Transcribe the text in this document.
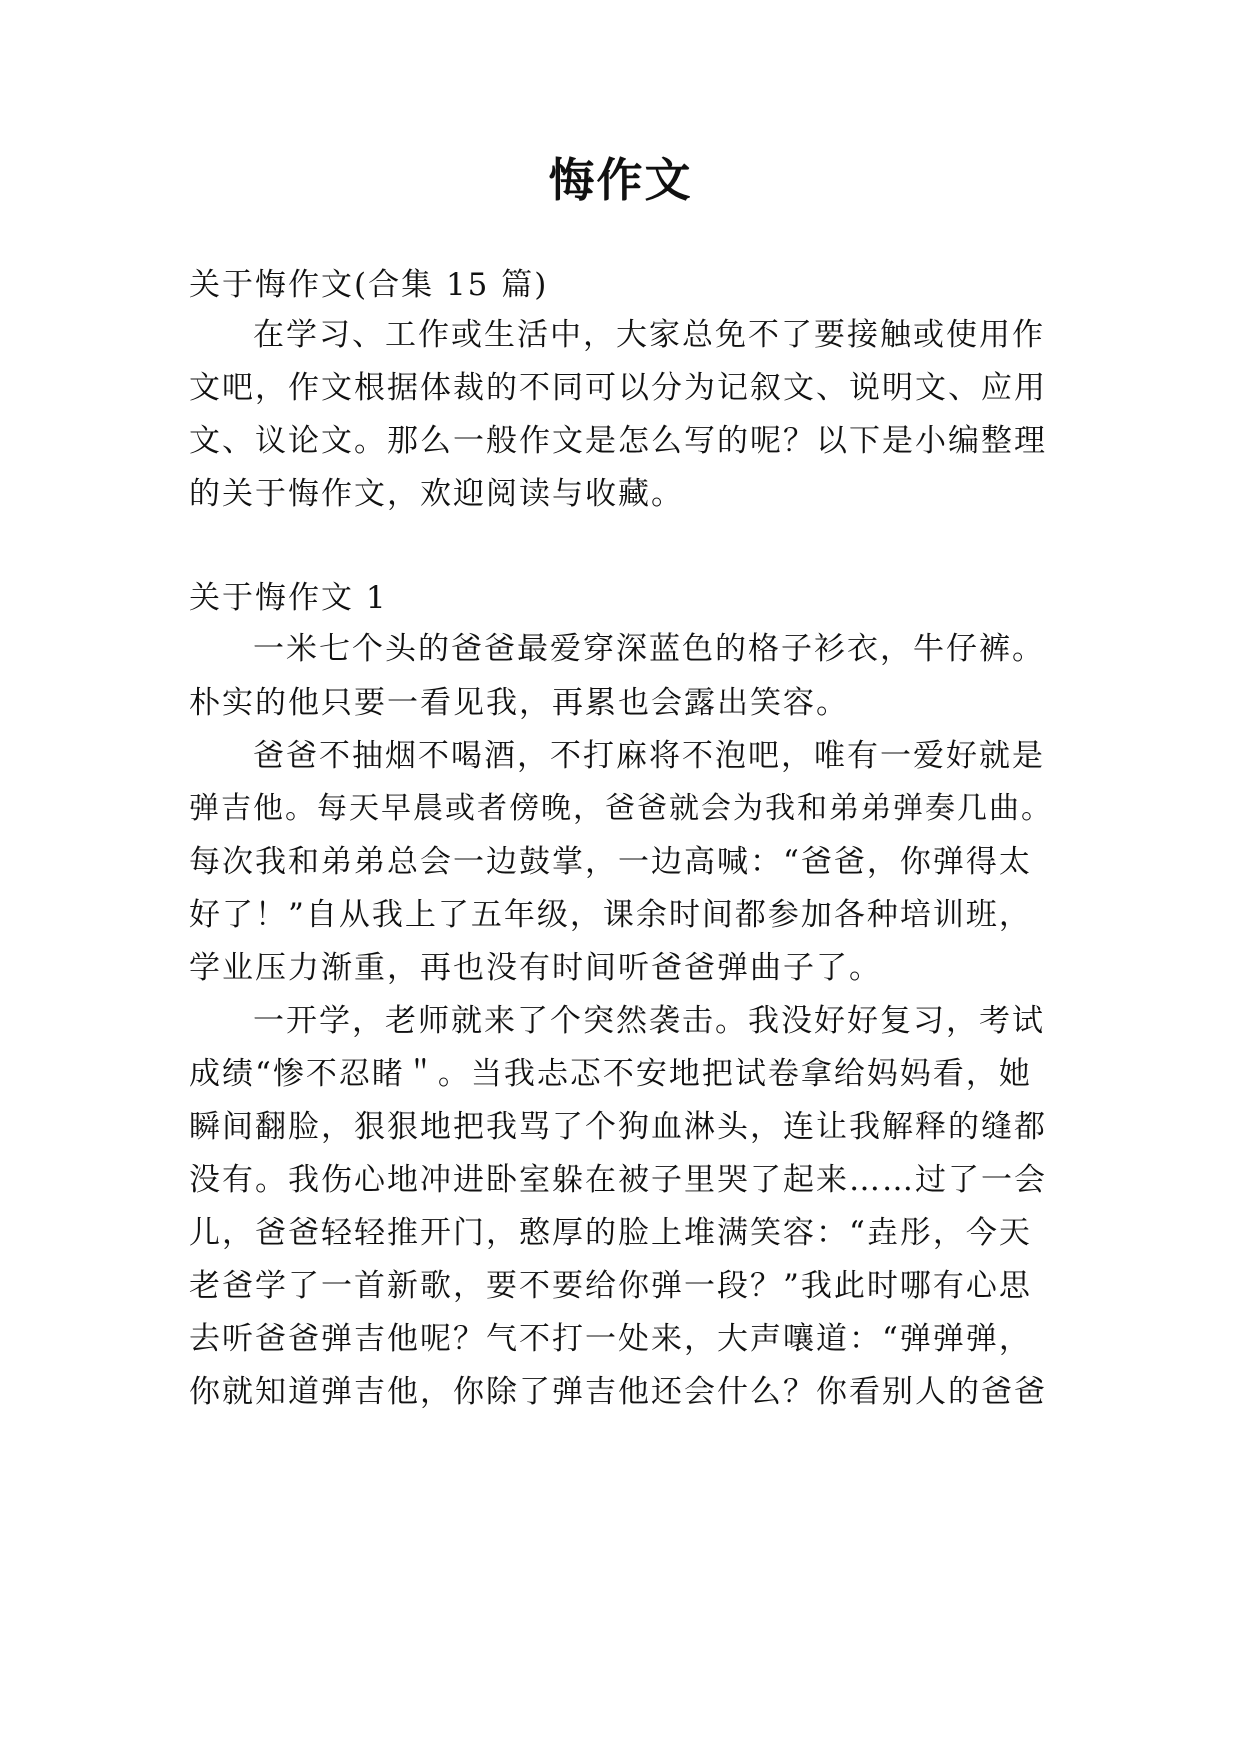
悔作文
关于悔作文(合集 15 篇)
在学习、工作或生活中，大家总免不了要接触或使用作
文吧，作文根据体裁的不同可以分为记叙文、说明文、应用
文、议论文。那么一般作文是怎么写的呢？以下是小编整理
的关于悔作文，欢迎阅读与收藏。
关于悔作文 1
一米七个头的爸爸最爱穿深蓝色的格子衫衣，牛仔裤。
朴实的他只要一看见我，再累也会露出笑容。
爸爸不抽烟不喝酒，不打麻将不泡吧，唯有一爱好就是
弹吉他。每天早晨或者傍晚，爸爸就会为我和弟弟弹奏几曲。
每次我和弟弟总会一边鼓掌，一边高喊：“爸爸，你弹得太
好了！”自从我上了五年级，课余时间都参加各种培训班，
学业压力渐重，再也没有时间听爸爸弹曲子了。
一开学，老师就来了个突然袭击。我没好好复习，考试
成绩“惨不忍睹＂。当我忐忑不安地把试卷拿给妈妈看，她
瞬间翻脸，狠狠地把我骂了个狗血淋头，连让我解释的缝都
没有。我伤心地冲进卧室躲在被子里哭了起来……过了一会
儿，爸爸轻轻推开门，憨厚的脸上堆满笑容：“垚彤，今天
老爸学了一首新歌，要不要给你弹一段？”我此时哪有心思
去听爸爸弹吉他呢？气不打一处来，大声嚷道：“弹弹弹，
你就知道弹吉他，你除了弹吉他还会什么？你看别人的爸爸
